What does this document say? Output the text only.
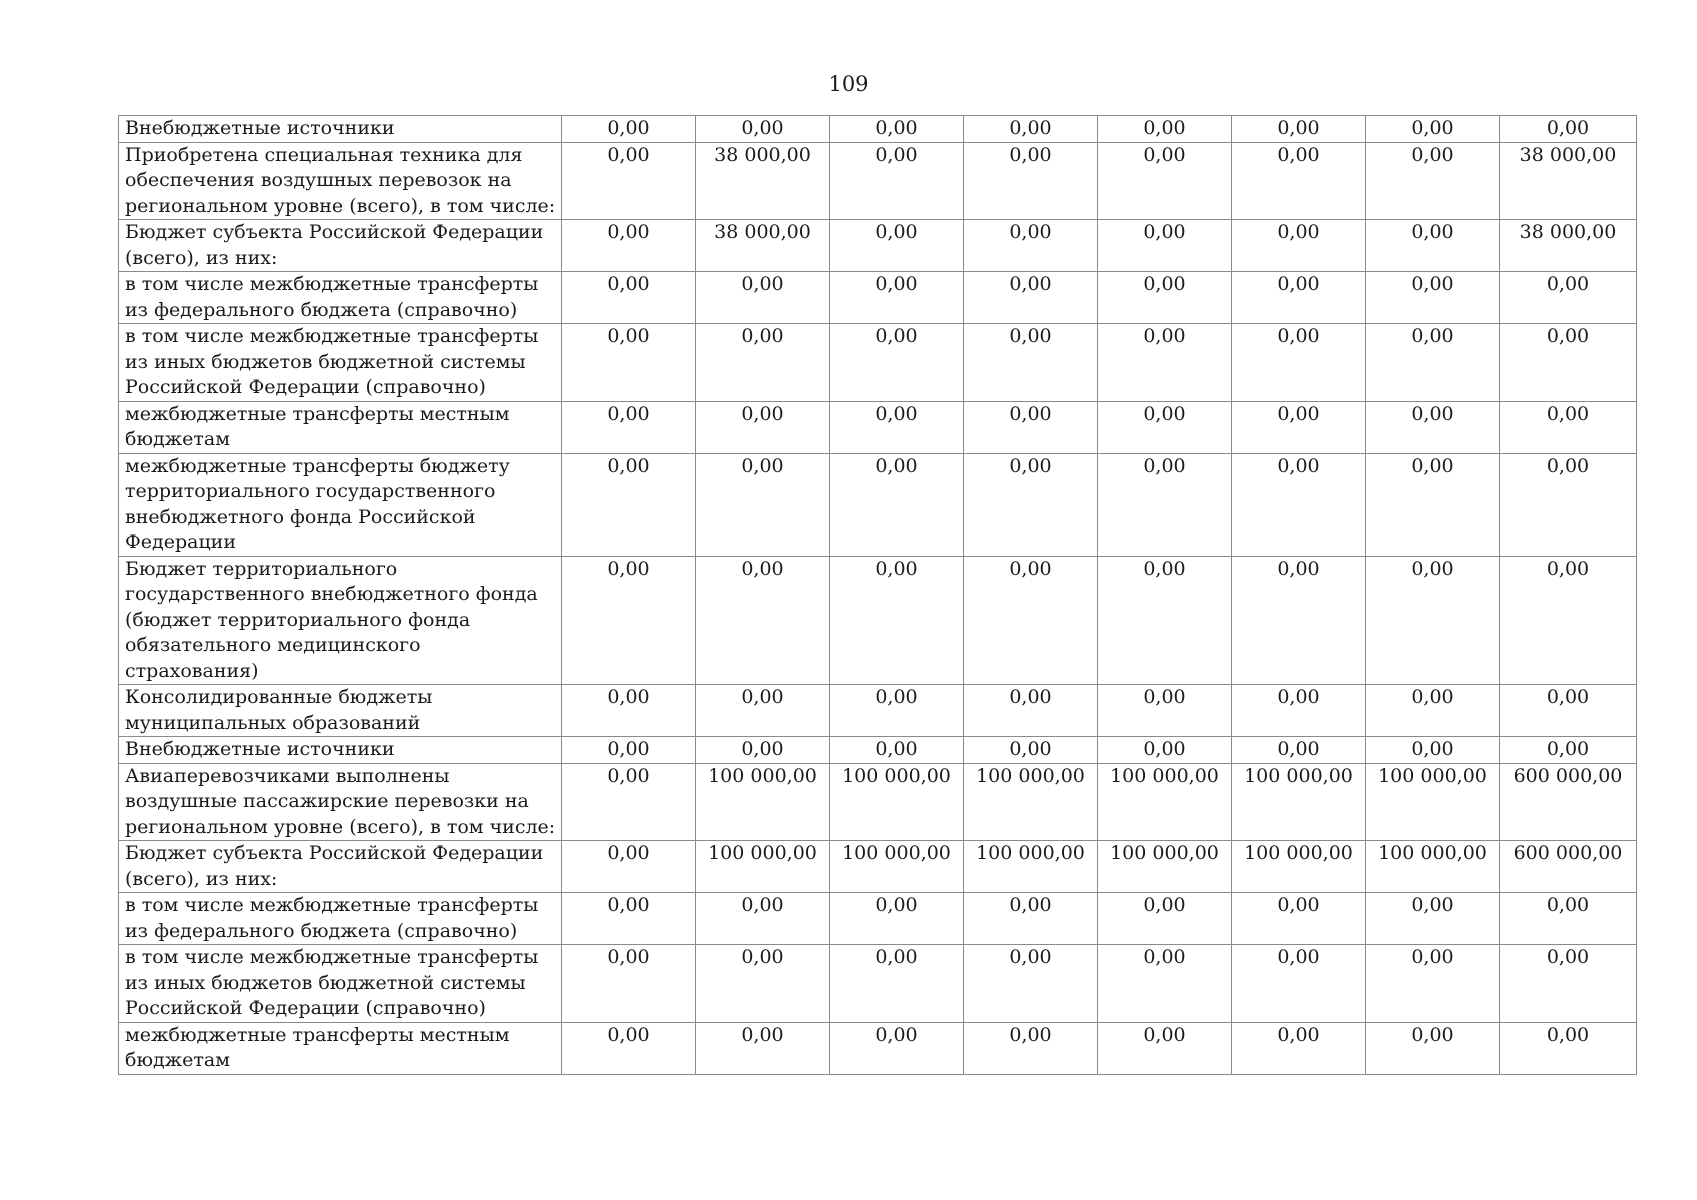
109
Внебюджетные источники	0,00	0,00	0,00	0,00	0,00	0,00	0,00	0,00
Приобретена специальная техника для обеспечения воздушных перевозок на региональном уровне (всего), в том числе:	0,00	38 000,00	0,00	0,00	0,00	0,00	0,00	38 000,00
Бюджет субъекта Российской Федерации (всего), из них:	0,00	38 000,00	0,00	0,00	0,00	0,00	0,00	38 000,00
в том числе межбюджетные трансферты из федерального бюджета (справочно)	0,00	0,00	0,00	0,00	0,00	0,00	0,00	0,00
в том числе межбюджетные трансферты из иных бюджетов бюджетной системы Российской Федерации (справочно)	0,00	0,00	0,00	0,00	0,00	0,00	0,00	0,00
межбюджетные трансферты местным бюджетам	0,00	0,00	0,00	0,00	0,00	0,00	0,00	0,00
межбюджетные трансферты бюджету территориального государственного внебюджетного фонда Российской Федерации	0,00	0,00	0,00	0,00	0,00	0,00	0,00	0,00
Бюджет территориального государственного внебюджетного фонда (бюджет территориального фонда обязательного медицинского страхования)	0,00	0,00	0,00	0,00	0,00	0,00	0,00	0,00
Консолидированные бюджеты муниципальных образований	0,00	0,00	0,00	0,00	0,00	0,00	0,00	0,00
Внебюджетные источники	0,00	0,00	0,00	0,00	0,00	0,00	0,00	0,00
Авиаперевозчиками выполнены воздушные пассажирские перевозки на региональном уровне (всего), в том числе:	0,00	100 000,00	100 000,00	100 000,00	100 000,00	100 000,00	100 000,00	600 000,00
Бюджет субъекта Российской Федерации (всего), из них:	0,00	100 000,00	100 000,00	100 000,00	100 000,00	100 000,00	100 000,00	600 000,00
в том числе межбюджетные трансферты из федерального бюджета (справочно)	0,00	0,00	0,00	0,00	0,00	0,00	0,00	0,00
в том числе межбюджетные трансферты из иных бюджетов бюджетной системы Российской Федерации (справочно)	0,00	0,00	0,00	0,00	0,00	0,00	0,00	0,00
межбюджетные трансферты местным бюджетам	0,00	0,00	0,00	0,00	0,00	0,00	0,00	0,00
